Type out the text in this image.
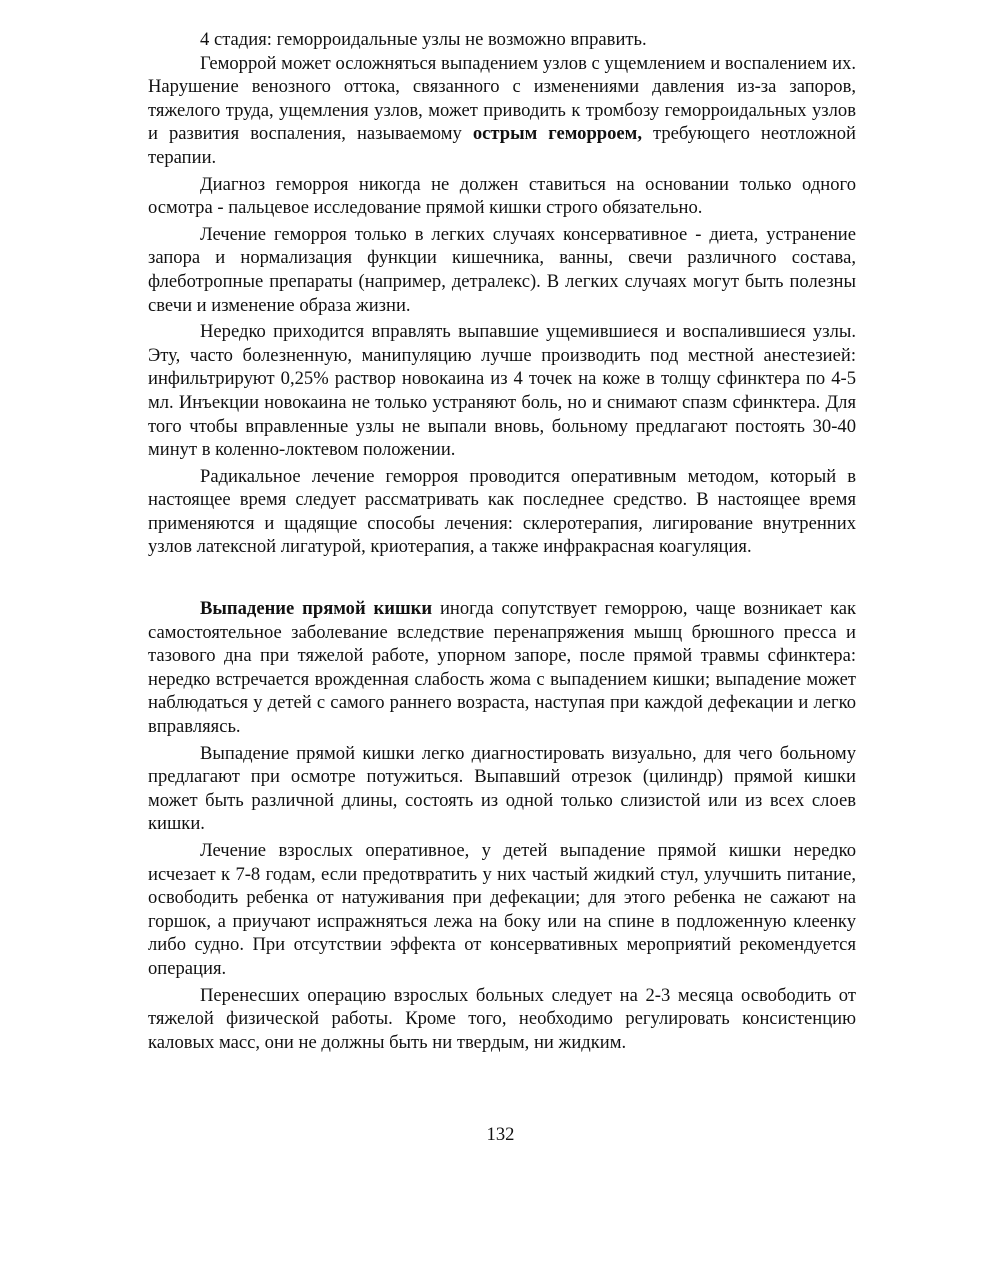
4 стадия: геморроидальные узлы не возможно вправить.

Геморрой может осложняться выпадением узлов с ущемлением и воспалением их. Нарушение венозного оттока, связанного с изменениями давления из-за запоров, тяжелого труда, ущемления узлов, может приводить к тромбозу геморроидальных узлов и развития воспаления, называемому острым геморроем, требующего неотложной терапии.

Диагноз геморроя никогда не должен ставиться на основании только одного осмотра - пальцевое исследование прямой кишки строго обязательно.

Лечение геморроя только в легких случаях консервативное - диета, устранение запора и нормализация функции кишечника, ванны, свечи различного состава, флеботропные препараты (например, детралекс). В легких случаях могут быть полезны свечи и изменение образа жизни.

Нередко приходится вправлять выпавшие ущемившиеся и воспалившиеся узлы. Эту, часто болезненную, манипуляцию лучше производить под местной анестезией: инфильтрируют 0,25% раствор новокаина из 4 точек на коже в толщу сфинктера по 4-5 мл. Инъекции новокаина не только устраняют боль, но и снимают спазм сфинктера. Для того чтобы вправленные узлы не выпали вновь, больному предлагают постоять 30-40 минут в коленно-локтевом положении.

Радикальное лечение геморроя проводится оперативным методом, который в настоящее время следует рассматривать как последнее средство. В настоящее время применяются и щадящие способы лечения: склеротерапия, лигирование внутренних узлов латексной лигатурой, криотерапия, а также инфракрасная коагуляция.

Выпадение прямой кишки иногда сопутствует геморрою, чаще возникает как самостоятельное заболевание вследствие перенапряжения мышц брюшного пресса и тазового дна при тяжелой работе, упорном запоре, после прямой травмы сфинктера: нередко встречается врожденная слабость жома с выпадением кишки; выпадение может наблюдаться у детей с самого раннего возраста, наступая при каждой дефекации и легко вправляясь.

Выпадение прямой кишки легко диагностировать визуально, для чего больному предлагают при осмотре потужиться. Выпавший отрезок (цилиндр) прямой кишки может быть различной длины, состоять из одной только слизистой или из всех слоев кишки.

Лечение взрослых оперативное, у детей выпадение прямой кишки нередко исчезает к 7-8 годам, если предотвратить у них частый жидкий стул, улучшить питание, освободить ребенка от натуживания при дефекации; для этого ребенка не сажают на горшок, а приучают испражняться лежа на боку или на спине в подложенную клеенку либо судно. При отсутствии эффекта от консервативных мероприятий рекомендуется операция.

Перенесших операцию взрослых больных следует на 2-3 месяца освободить от тяжелой физической работы. Кроме того, необходимо регулировать консистенцию каловых масс, они не должны быть ни твердым, ни жидким.

132
